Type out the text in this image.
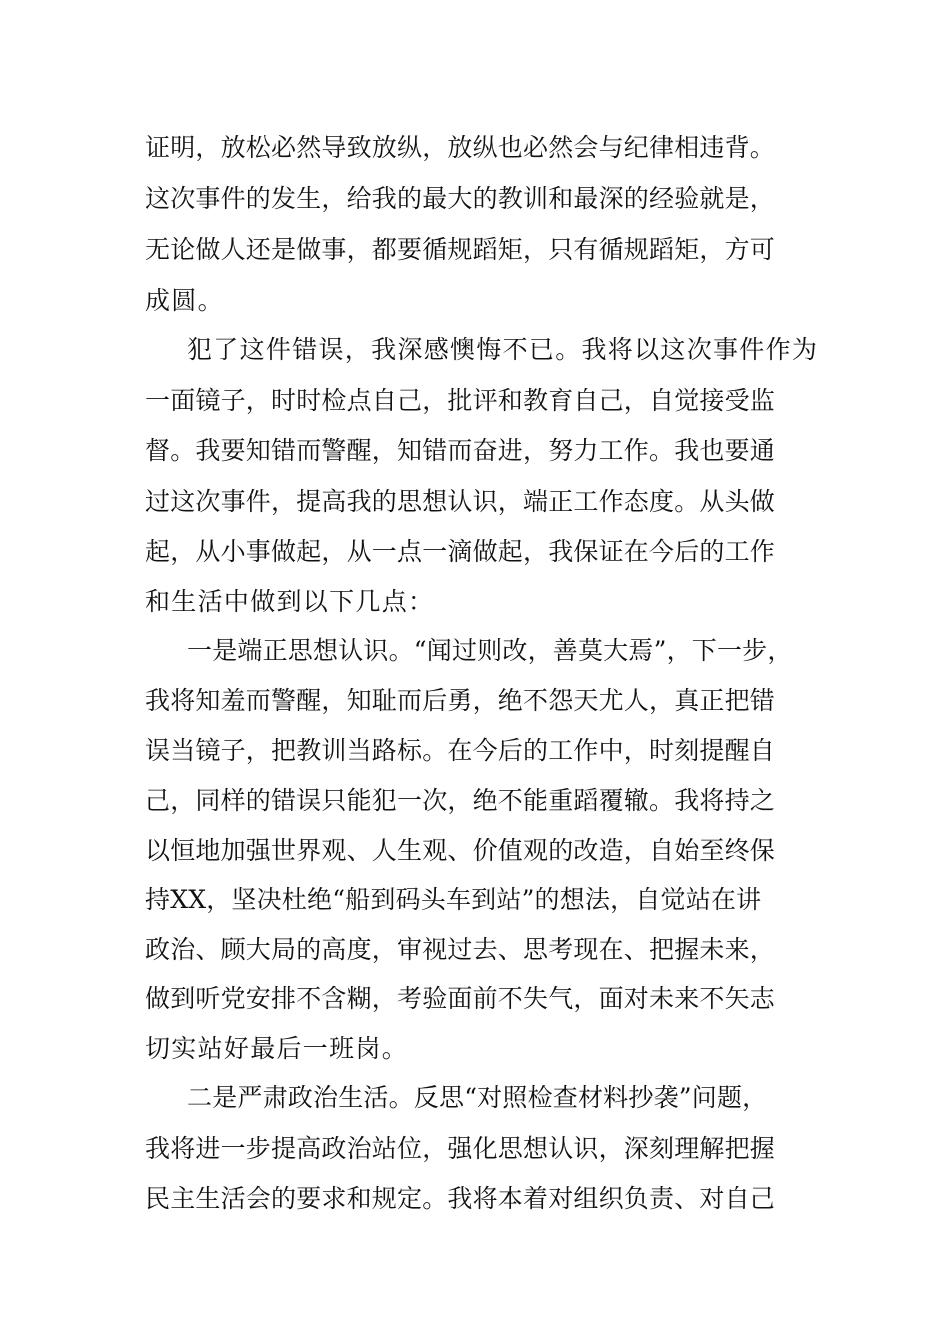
证明，放松必然导致放纵，放纵也必然会与纪律相违背。
这次事件的发生，给我的最大的教训和最深的经验就是，
无论做人还是做事，都要循规蹈矩，只有循规蹈矩，方可
成圆。
犯了这件错误，我深感懊悔不已。我将以这次事件作为
一面镜子，时时检点自己，批评和教育自己，自觉接受监
督。我要知错而警醒，知错而奋进，努力工作。我也要通
过这次事件，提高我的思想认识，端正工作态度。从头做
起，从小事做起，从一点一滴做起，我保证在今后的工作
和生活中做到以下几点：
一是端正思想认识。“闻过则改，善莫大焉”，下一步，
我将知羞而警醒，知耻而后勇，绝不怨天尤人，真正把错
误当镜子，把教训当路标。在今后的工作中，时刻提醒自
己，同样的错误只能犯一次，绝不能重蹈覆辙。我将持之
以恒地加强世界观、人生观、价值观的改造，自始至终保
持XX，坚决杜绝“船到码头车到站”的想法，自觉站在讲
政治、顾大局的高度，审视过去、思考现在、把握未来，
做到听党安排不含糊，考验面前不失气，面对未来不矢志
切实站好最后一班岗。
二是严肃政治生活。反思“对照检查材料抄袭”问题，
我将进一步提高政治站位，强化思想认识，深刻理解把握
民主生活会的要求和规定。我将本着对组织负责、对自己
